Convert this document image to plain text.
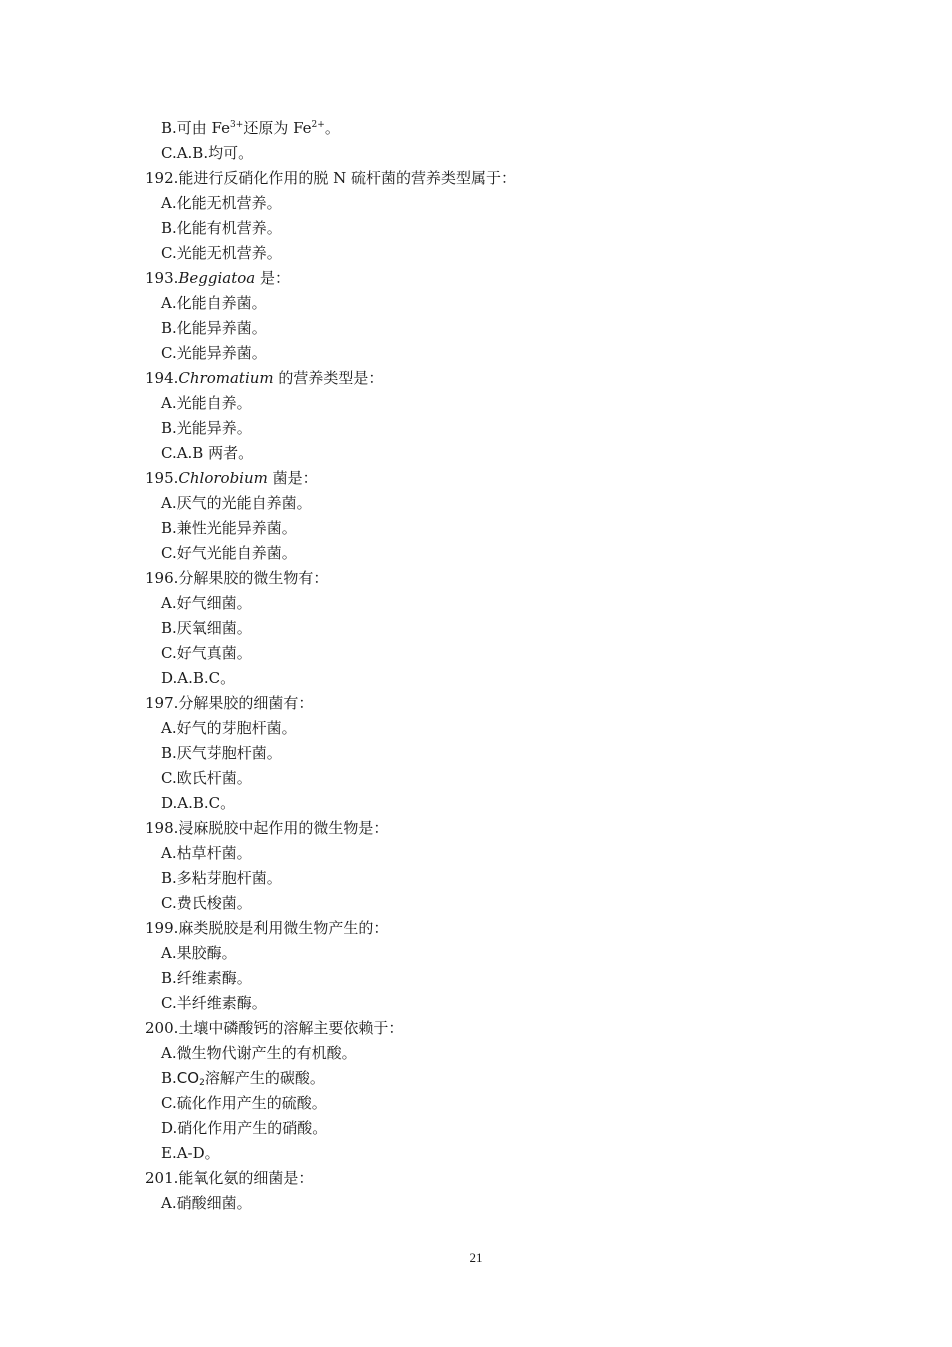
B.可由 $Fe^{3+}$还原为 $Fe^{2+}$。
C.A.B.均可。
192.能进行反硝化作用的脱 N 硫杆菌的营养类型属于：
A.化能无机营养。
B.化能有机营养。
C.光能无机营养。
193.Beggiatoa 是：
A.化能自养菌。
B.化能异养菌。
C.光能异养菌。
194.Chromatium 的营养类型是：
A.光能自养。
B.光能异养。
C.A.B 两者。
195.Chlorobium 菌是：
A.厌气的光能自养菌。
B.兼性光能异养菌。
C.好气光能自养菌。
196.分解果胶的微生物有：
A.好气细菌。
B.厌氧细菌。
C.好气真菌。
D.A.B.C。
197.分解果胶的细菌有：
A.好气的芽胞杆菌。
B.厌气芽胞杆菌。
C.欧氏杆菌。
D.A.B.C。
198.浸麻脱胶中起作用的微生物是：
A.枯草杆菌。
B.多粘芽胞杆菌。
C.费氏梭菌。
199.麻类脱胶是利用微生物产生的：
A.果胶酶。
B.纤维素酶。
C.半纤维素酶。
200.土壤中磷酸钙的溶解主要依赖于：
A.微生物代谢产生的有机酸。
$B.CO_2$溶解产生的碳酸。
C.硫化作用产生的硫酸。
D.硝化作用产生的硝酸。
E.A-D。
201.能氧化氨的细菌是：
A.硝酸细菌。
21
